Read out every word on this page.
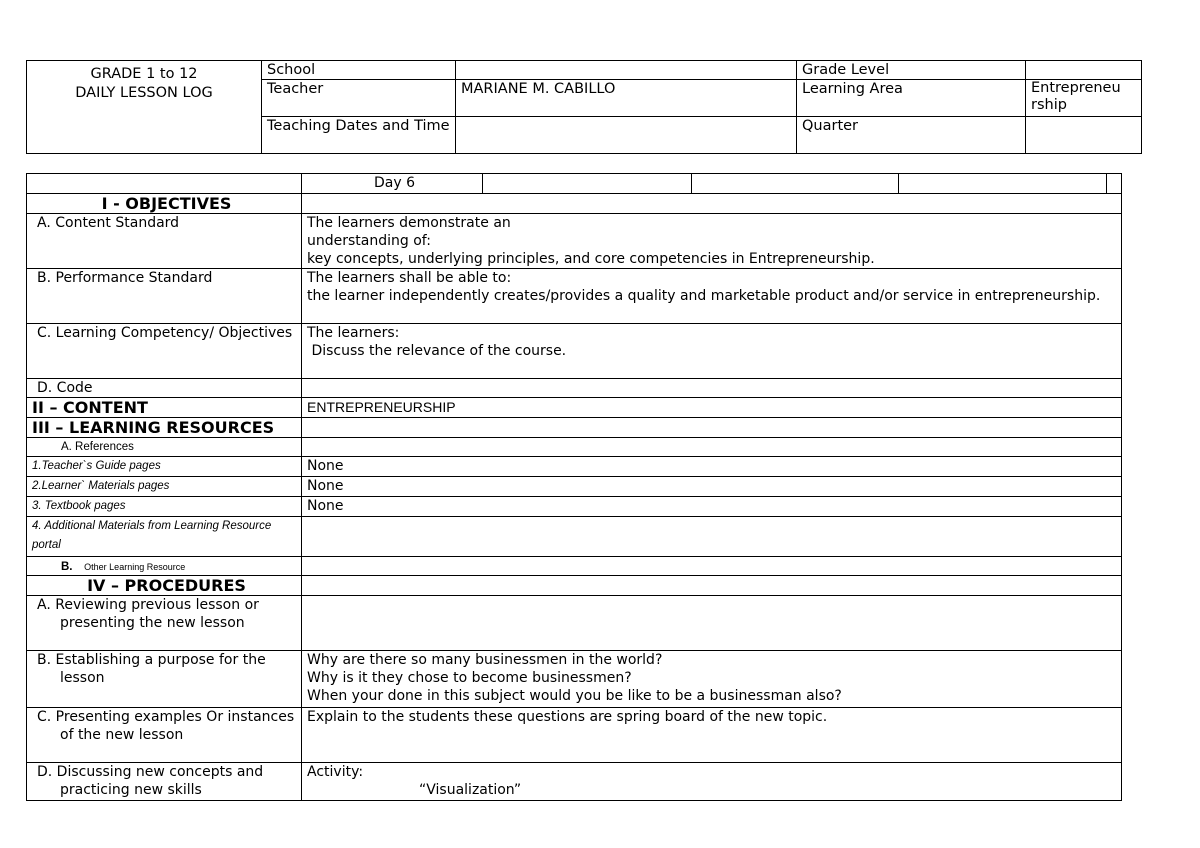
GRADE 1 to 12
DAILY LESSON LOG	School		Grade Level	
	Teacher	MARIANE M. CABILLO	Learning Area	Entrepreneu rship
	Teaching Dates and Time		Quarter	
	Day 6				
I - OBJECTIVES					
A. Content Standard	The learners demonstrate an
understanding of:
key concepts, underlying principles, and core competencies in Entrepreneurship.				

B. Performance Standard	The learners shall be able to:
the learner independently creates/provides a quality and marketable product and/or service in entrepreneurship.				

C. Learning Competency/ Objectives	The learners:
Discuss the relevance of the course.				

D. Code					
II – CONTENT	ENTREPRENEURSHIP				
III – LEARNING RESOURCES					
A. References					
1.Teacher`s Guide pages	None				
2.Learner` Materials pages	None				
3. Textbook pages	None				
4. Additional Materials from Learning Resource portal					
B. Other Learning Resource					
IV – PROCEDURES					
A. Reviewing previous lesson or presenting the new lesson					
B. Establishing a purpose for the lesson	Why are there so many businessmen in the world?
Why is it they chose to become businessmen?
When your done in this subject would you be like to be a businessman also?				

C. Presenting examples Or instances of the new lesson	Explain to the students these questions are spring board of the new topic.				
D. Discussing new concepts and practicing new skills	Activity:
“Visualization”				
